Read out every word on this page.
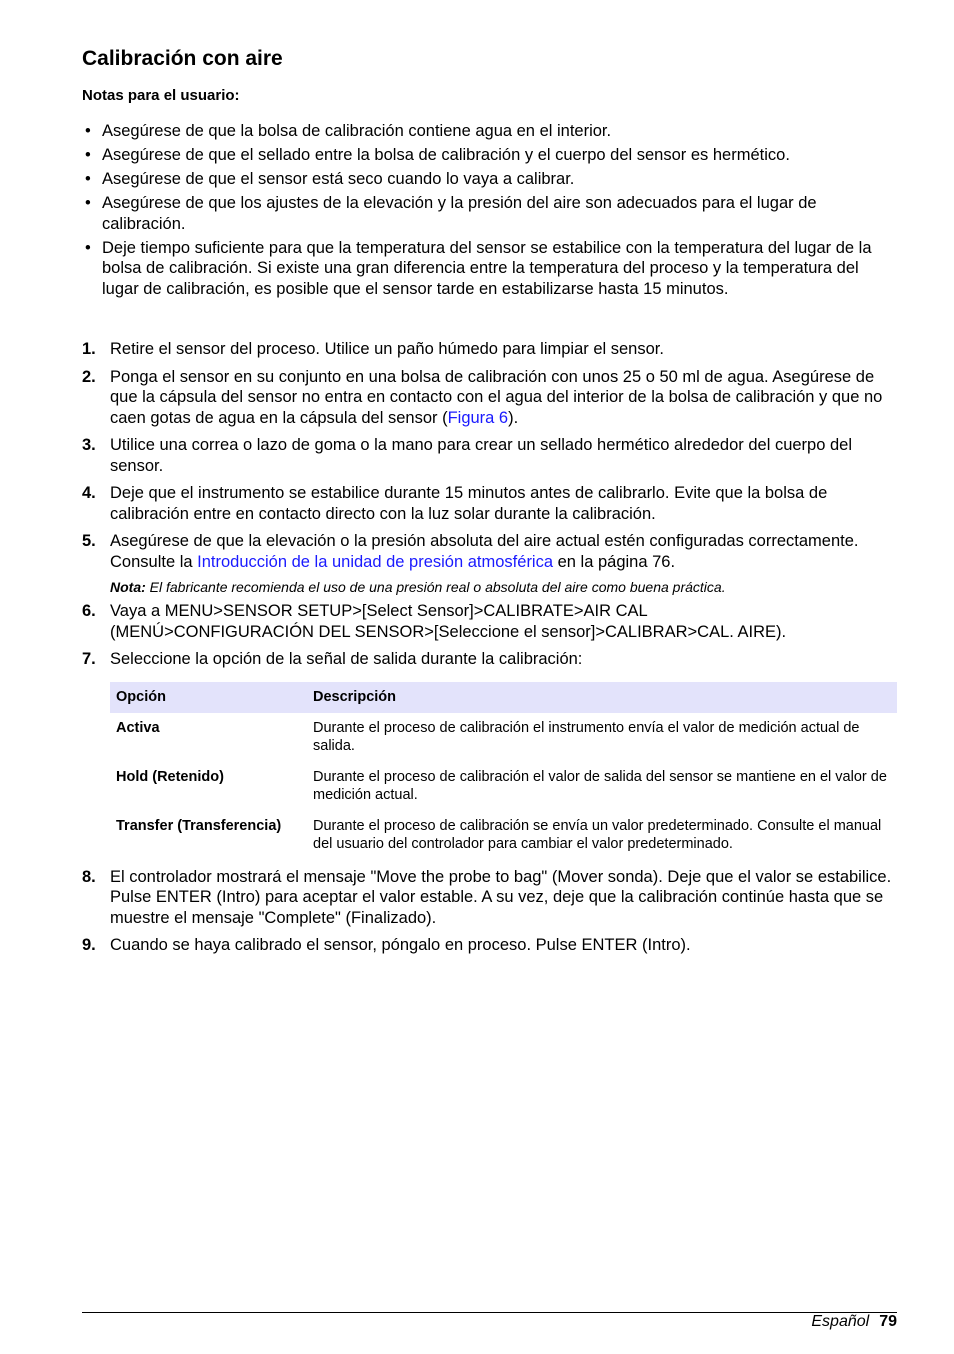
Calibración con aire
Notas para el usuario:
• Asegúrese de que la bolsa de calibración contiene agua en el interior.
• Asegúrese de que el sellado entre la bolsa de calibración y el cuerpo del sensor es hermético.
• Asegúrese de que el sensor está seco cuando lo vaya a calibrar.
• Asegúrese de que los ajustes de la elevación y la presión del aire son adecuados para el lugar de calibración.
• Deje tiempo suficiente para que la temperatura del sensor se estabilice con la temperatura del lugar de la bolsa de calibración. Si existe una gran diferencia entre la temperatura del proceso y la temperatura del lugar de calibración, es posible que el sensor tarde en estabilizarse hasta 15 minutos.
1. Retire el sensor del proceso. Utilice un paño húmedo para limpiar el sensor.
2. Ponga el sensor en su conjunto en una bolsa de calibración con unos 25 o 50 ml de agua. Asegúrese de que la cápsula del sensor no entra en contacto con el agua del interior de la bolsa de calibración y que no caen gotas de agua en la cápsula del sensor (Figura 6).
3. Utilice una correa o lazo de goma o la mano para crear un sellado hermético alrededor del cuerpo del sensor.
4. Deje que el instrumento se estabilice durante 15 minutos antes de calibrarlo. Evite que la bolsa de calibración entre en contacto directo con la luz solar durante la calibración.
5. Asegúrese de que la elevación o la presión absoluta del aire actual estén configuradas correctamente. Consulte la Introducción de la unidad de presión atmosférica en la página 76.
Nota: El fabricante recomienda el uso de una presión real o absoluta del aire como buena práctica.
6. Vaya a MENU>SENSOR SETUP>[Select Sensor]>CALIBRATE>AIR CAL
(MENÚ>CONFIGURACIÓN DEL SENSOR>[Seleccione el sensor]>CALIBRAR>CAL. AIRE).
7. Seleccione la opción de la señal de salida durante la calibración:
Opción	Descripción
Activa	Durante el proceso de calibración el instrumento envía el valor de medición actual de salida.
Hold (Retenido)	Durante el proceso de calibración el valor de salida del sensor se mantiene en el valor de medición actual.
Transfer (Transferencia)	Durante el proceso de calibración se envía un valor predeterminado. Consulte el manual del usuario del controlador para cambiar el valor predeterminado.
8. El controlador mostrará el mensaje "Move the probe to bag" (Mover sonda). Deje que el valor se estabilice. Pulse ENTER (Intro) para aceptar el valor estable. A su vez, deje que la calibración continúe hasta que se muestre el mensaje "Complete" (Finalizado).
9. Cuando se haya calibrado el sensor, póngalo en proceso. Pulse ENTER (Intro).
Español 79
